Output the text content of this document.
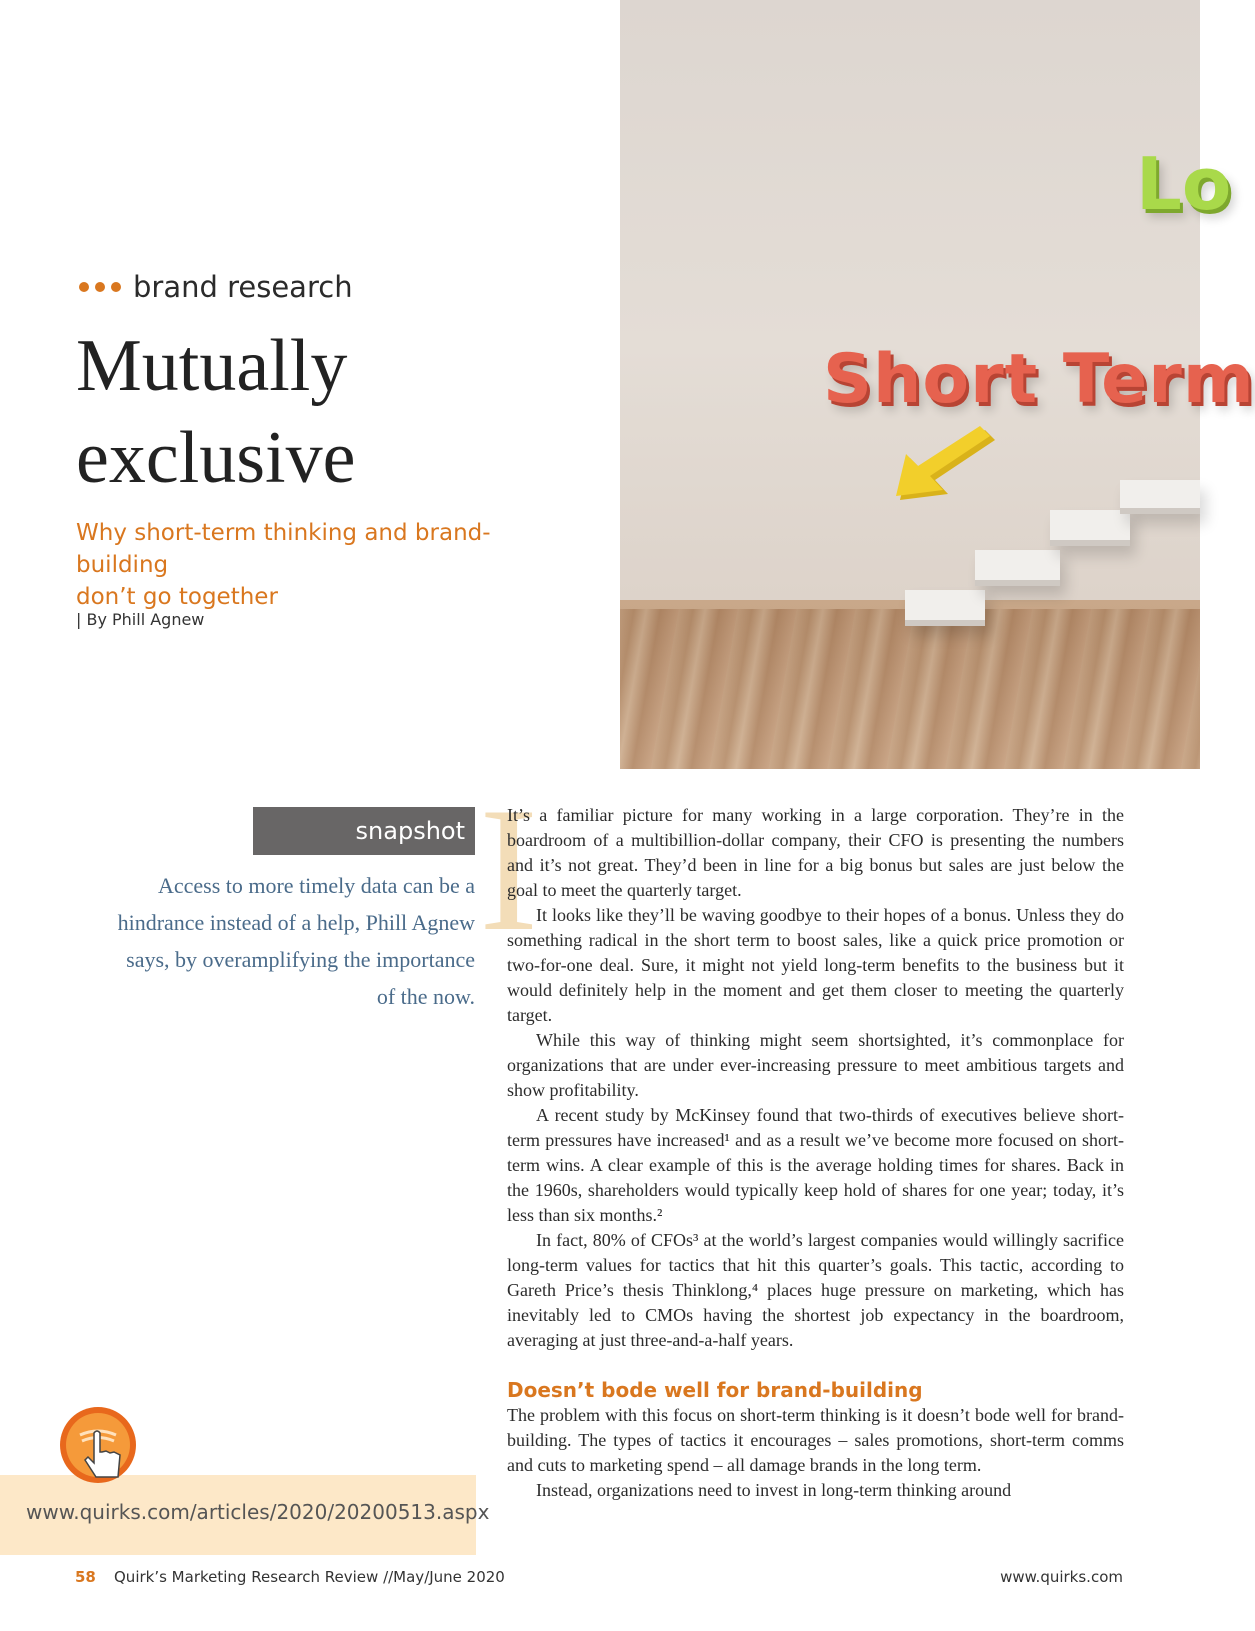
Lo
Short Term
brand research
Mutually
exclusive
Why short-term thinking and brand-building
don’t go together
| By Phill Agnew
snapshot
Access to more timely data can be a hindrance instead of a help, Phill Agnew says, by overamplifying the importance of the now.
I

It’s a familiar picture for many working in a large corporation. They’re in the boardroom of a multibillion-dollar company, their CFO is presenting the numbers and it’s not great. They’d been in line for a big bonus but sales are just below the goal to meet the quarterly target.

It looks like they’ll be waving goodbye to their hopes of a bonus. Unless they do something radical in the short term to boost sales, like a quick price promotion or two-for-one deal. Sure, it might not yield long-term benefits to the business but it would definitely help in the moment and get them closer to meeting the quarterly target.

While this way of thinking might seem shortsighted, it’s commonplace for organizations that are under ever-increasing pressure to meet ambitious targets and show profitability.

A recent study by McKinsey found that two-thirds of executives believe short-term pressures have increased¹ and as a result we’ve become more focused on short-term wins. A clear example of this is the average holding times for shares. Back in the 1960s, shareholders would typically keep hold of shares for one year; today, it’s less than six months.²

In fact, 80% of CFOs³ at the world’s largest companies would willingly sacrifice long-term values for tactics that hit this quarter’s goals. This tactic, according to Gareth Price’s thesis Thinklong,⁴ places huge pressure on marketing, which has inevitably led to CMOs having the shortest job expectancy in the boardroom, averaging at just three-and-a-half years.

Doesn’t bode well for brand-building

The problem with this focus on short-term thinking is it doesn’t bode well for brand-building. The types of tactics it encourages – sales promotions, short-term comms and cuts to marketing spend – all damage brands in the long term.

Instead, organizations need to invest in long-term thinking around

www.quirks.com/articles/2020/20200513.aspx
58 Quirk’s Marketing Research Review //May/June 2020	www.quirks.com
